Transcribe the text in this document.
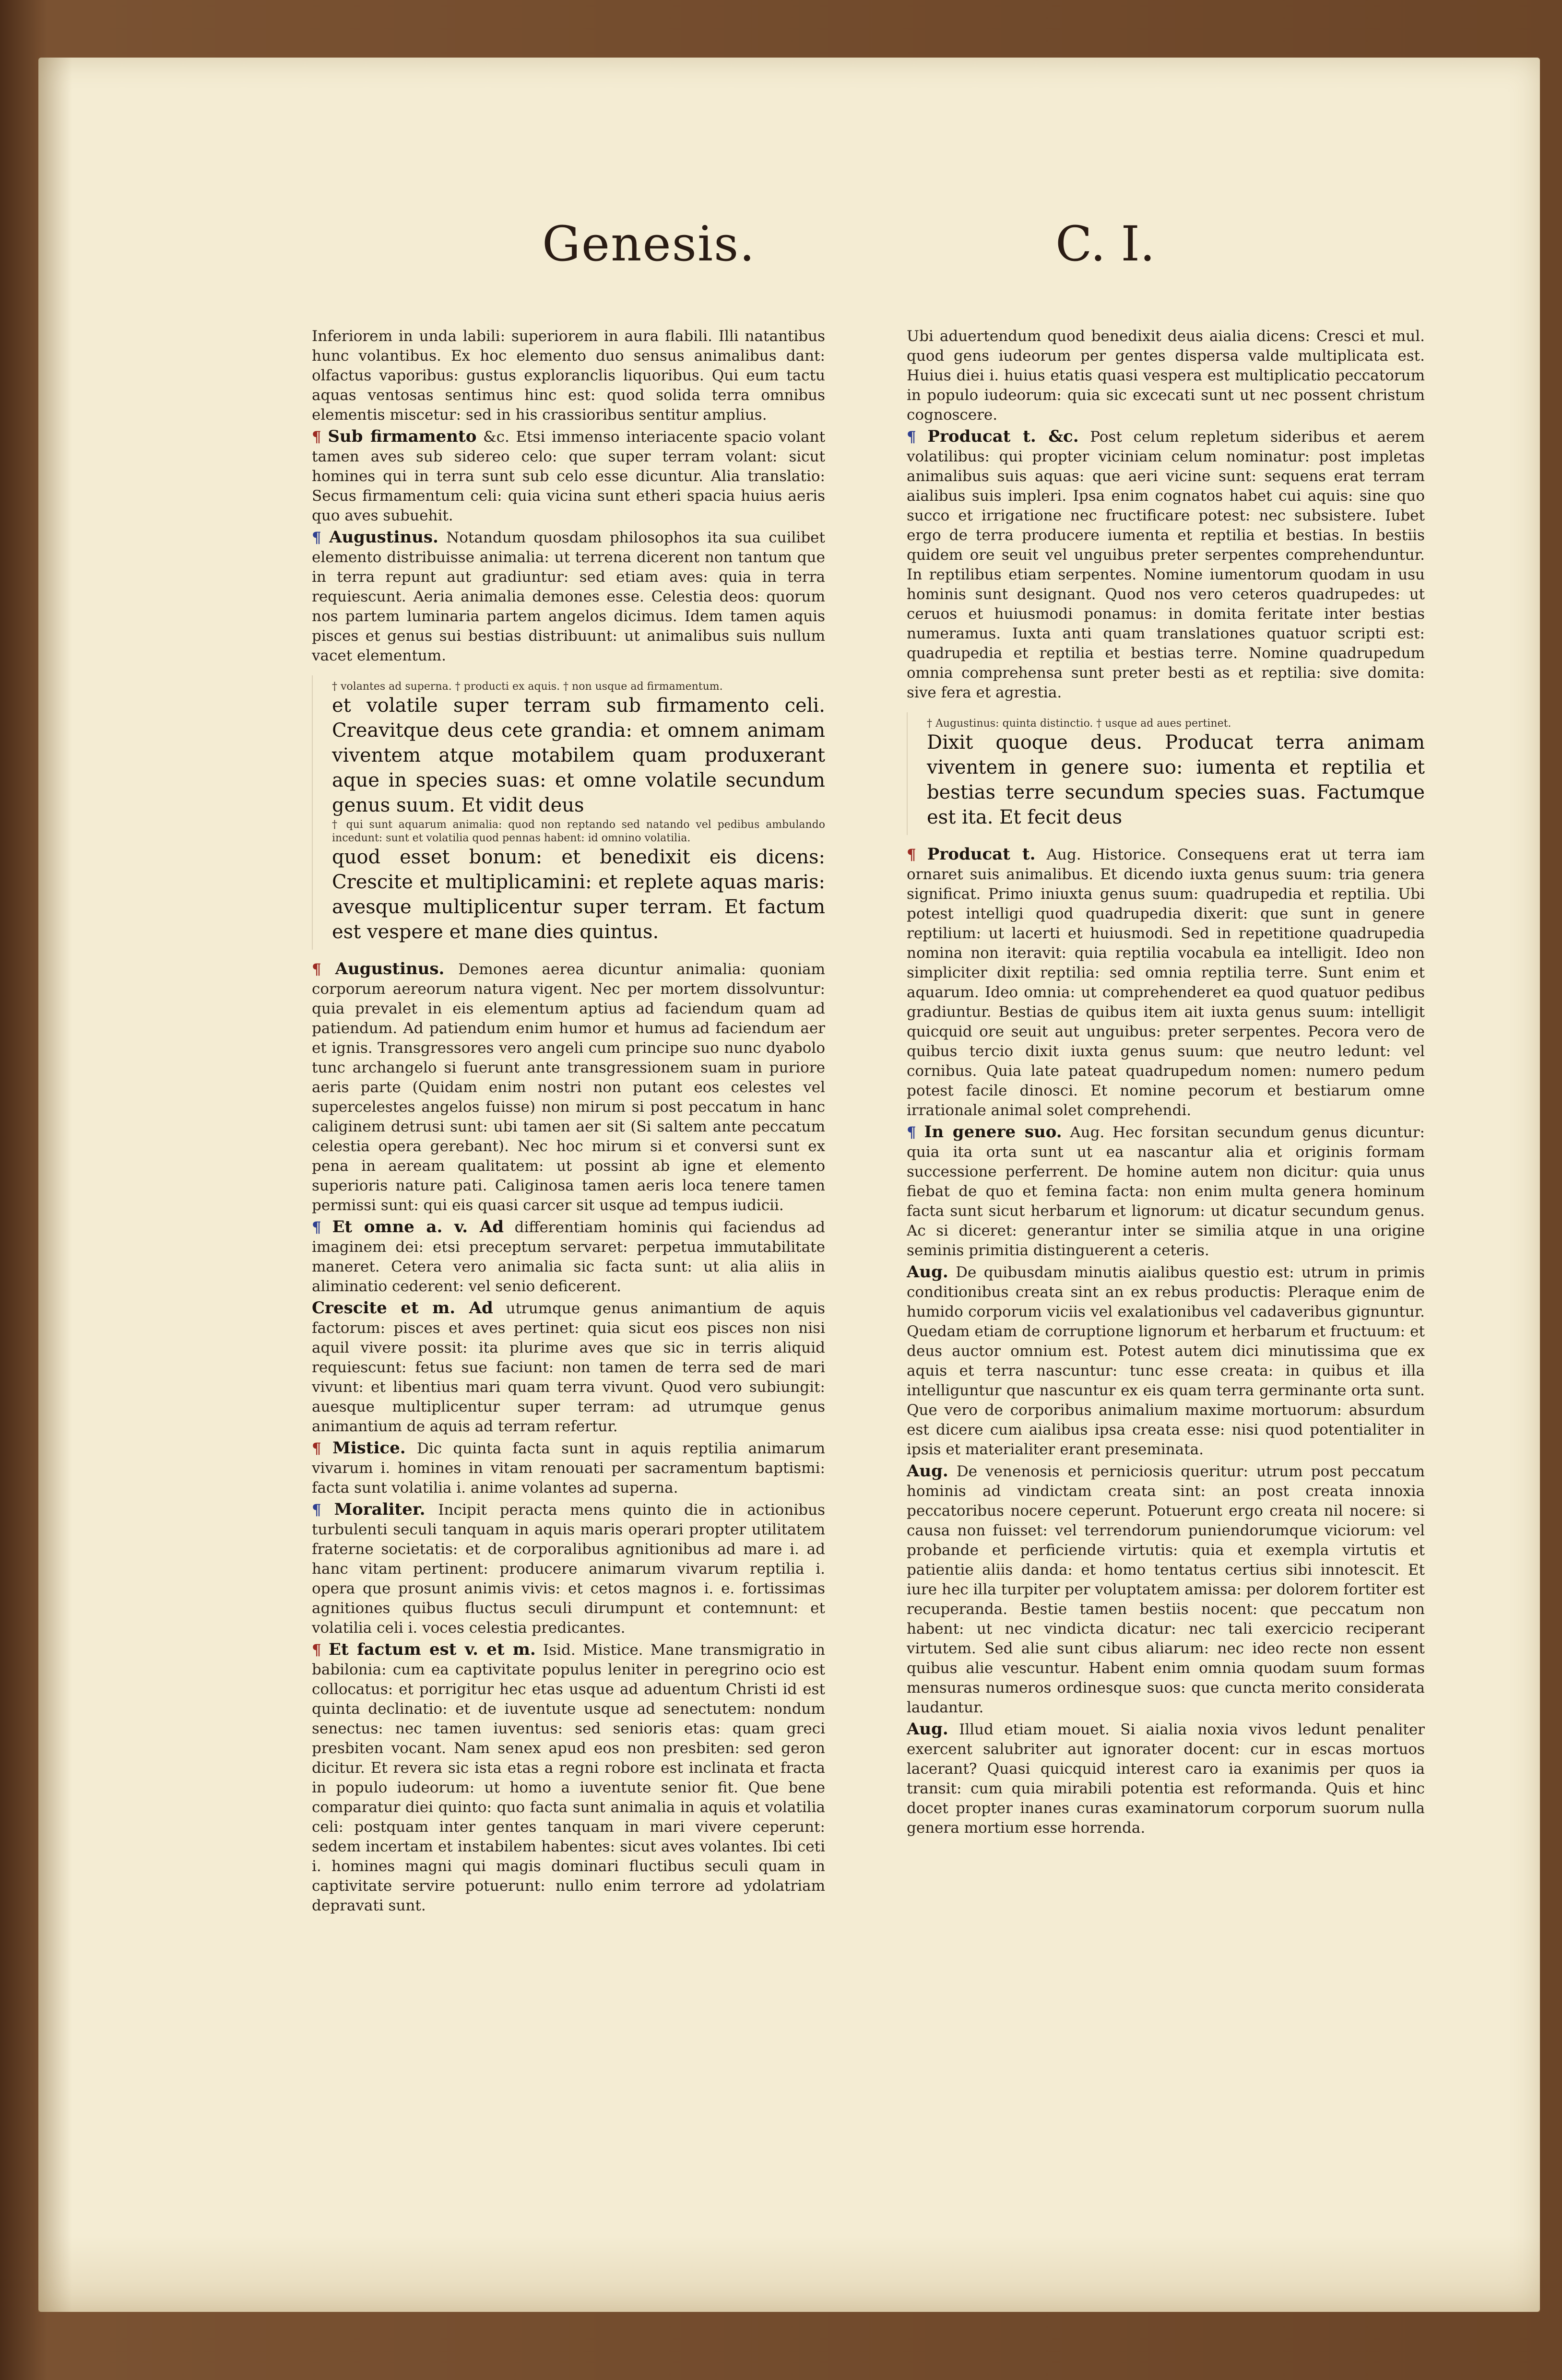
Genesis.	C. I.

Inferiorem in unda labili: superiorem in aura flabili. Illi natantibus hunc volantibus. Ex hoc elemento duo sensus animalibus dant: olfactus vaporibus: gustus exploranclis liquoribus. Qui eum tactu aquas ventosas sentimus hinc est: quod solida terra omnibus elementis miscetur: sed in his crassioribus sentitur amplius.

¶ Sub firmamento &c. Etsi immenso interiacente spacio volant tamen aves sub sidereo celo: que super terram volant: sicut homines qui in terra sunt sub celo esse dicuntur. Alia translatio: Secus firmamentum celi: quia vicina sunt etheri spacia huius aeris quo aves subuehit.

¶ Augustinus. Notandum quosdam philosophos ita sua cuilibet elemento distribuisse animalia: ut terrena dicerent non tantum que in terra repunt aut gradiuntur: sed etiam aves: quia in terra requiescunt. Aeria animalia demones esse. Celestia deos: quorum nos partem luminaria partem angelos dicimus. Idem tamen aquis pisces et genus sui bestias distribuunt: ut animalibus suis nullum vacet elementum.

† volantes ad superna. † producti ex aquis. † non usque ad firmamentum.
et volatile super terram sub firmamento celi. Creavitque deus cete grandia: et omnem animam viventem atque motabilem quam produxerant aque in species suas: et omne volatile secundum genus suum. Et vidit deus
† qui sunt aquarum animalia: quod non reptando sed natando vel pedibus ambulando incedunt: sunt et volatilia quod pennas habent: id omnino volatilia.
quod esset bonum: et benedixit eis dicens: Crescite et multiplicamini: et replete aquas maris: avesque multiplicentur super terram. Et factum est vespere et mane dies quintus.

¶ Augustinus. Demones aerea dicuntur animalia: quoniam corporum aereorum natura vigent. Nec per mortem dissolvuntur: quia prevalet in eis elementum aptius ad faciendum quam ad patiendum. Ad patiendum enim humor et humus ad faciendum aer et ignis. Transgressores vero angeli cum principe suo nunc dyabolo tunc archangelo si fuerunt ante transgressionem suam in puriore aeris parte (Quidam enim nostri non putant eos celestes vel supercelestes angelos fuisse) non mirum si post peccatum in hanc caliginem detrusi sunt: ubi tamen aer sit (Si saltem ante peccatum celestia opera gerebant). Nec hoc mirum si et conversi sunt ex pena in aeream qualitatem: ut possint ab igne et elemento superioris nature pati. Caliginosa tamen aeris loca tenere tamen permissi sunt: qui eis quasi carcer sit usque ad tempus iudicii.

¶ Et omne a. v. Ad differentiam hominis qui faciendus ad imaginem dei: etsi preceptum servaret: perpetua immutabilitate maneret. Cetera vero animalia sic facta sunt: ut alia aliis in aliminatio cederent: vel senio deficerent.

Crescite et m. Ad utrumque genus animantium de aquis factorum: pisces et aves pertinet: quia sicut eos pisces non nisi aquil vivere possit: ita plurime aves que sic in terris aliquid requiescunt: fetus sue faciunt: non tamen de terra sed de mari vivunt: et libentius mari quam terra vivunt. Quod vero subiungit: auesque multiplicentur super terram: ad utrumque genus animantium de aquis ad terram refertur.

¶ Mistice. Dic quinta facta sunt in aquis reptilia animarum vivarum i. homines in vitam renouati per sacramentum baptismi: facta sunt volatilia i. anime volantes ad superna.

¶ Moraliter. Incipit peracta mens quinto die in actionibus turbulenti seculi tanquam in aquis maris operari propter utilitatem fraterne societatis: et de corporalibus agnitionibus ad mare i. ad hanc vitam pertinent: producere animarum vivarum reptilia i. opera que prosunt animis vivis: et cetos magnos i. e. fortissimas agnitiones quibus fluctus seculi dirumpunt et contemnunt: et volatilia celi i. voces celestia predicantes.

¶ Et factum est v. et m. Isid. Mistice. Mane transmigratio in babilonia: cum ea captivitate populus leniter in peregrino ocio est collocatus: et porrigitur hec etas usque ad aduentum Christi id est quinta declinatio: et de iuventute usque ad senectutem: nondum senectus: nec tamen iuventus: sed senioris etas: quam greci presbiten vocant. Nam senex apud eos non presbiten: sed geron dicitur. Et revera sic ista etas a regni robore est inclinata et fracta in populo iudeorum: ut homo a iuventute senior fit. Que bene comparatur diei quinto: quo facta sunt animalia in aquis et volatilia celi: postquam inter gentes tanquam in mari vivere ceperunt: sedem incertam et instabilem habentes: sicut aves volantes. Ibi ceti i. homines magni qui magis dominari fluctibus seculi quam in captivitate servire potuerunt: nullo enim terrore ad ydolatriam depravati sunt.

Ubi aduertendum quod benedixit deus aialia dicens: Cresci et mul. quod gens iudeorum per gentes dispersa valde multiplicata est. Huius diei i. huius etatis quasi vespera est multiplicatio peccatorum in populo iudeorum: quia sic excecati sunt ut nec possent christum cognoscere.

¶ Producat t. &c. Post celum repletum sideribus et aerem volatilibus: qui propter viciniam celum nominatur: post impletas animalibus suis aquas: que aeri vicine sunt: sequens erat terram aialibus suis impleri. Ipsa enim cognatos habet cui aquis: sine quo succo et irrigatione nec fructificare potest: nec subsistere. Iubet ergo de terra producere iumenta et reptilia et bestias. In bestiis quidem ore seuit vel unguibus preter serpentes comprehenduntur. In reptilibus etiam serpentes. Nomine iumentorum quodam in usu hominis sunt designant. Quod nos vero ceteros quadrupedes: ut ceruos et huiusmodi ponamus: in domita feritate inter bestias numeramus. Iuxta anti quam translationes quatuor scripti est: quadrupedia et reptilia et bestias terre. Nomine quadrupedum omnia comprehensa sunt preter besti as et reptilia: sive domita: sive fera et agrestia.

† Augustinus: quinta distinctio. † usque ad aues pertinet.
Dixit quoque deus. Producat terra animam viventem in genere suo: iumenta et reptilia et bestias terre secundum species suas. Factumque est ita. Et fecit deus

¶ Producat t. Aug. Historice. Consequens erat ut terra iam ornaret suis animalibus. Et dicendo iuxta genus suum: tria genera significat. Primo iniuxta genus suum: quadrupedia et reptilia. Ubi potest intelligi quod quadrupedia dixerit: que sunt in genere reptilium: ut lacerti et huiusmodi. Sed in repetitione quadrupedia nomina non iteravit: quia reptilia vocabula ea intelligit. Ideo non simpliciter dixit reptilia: sed omnia reptilia terre. Sunt enim et aquarum. Ideo omnia: ut comprehenderet ea quod quatuor pedibus gradiuntur. Bestias de quibus item ait iuxta genus suum: intelligit quicquid ore seuit aut unguibus: preter serpentes. Pecora vero de quibus tercio dixit iuxta genus suum: que neutro ledunt: vel cornibus. Quia late pateat quadrupedum nomen: numero pedum potest facile dinosci. Et nomine pecorum et bestiarum omne irrationale animal solet comprehendi.

¶ In genere suo. Aug. Hec forsitan secundum genus dicuntur: quia ita orta sunt ut ea nascantur alia et originis formam successione perferrent. De homine autem non dicitur: quia unus fiebat de quo et femina facta: non enim multa genera hominum facta sunt sicut herbarum et lignorum: ut dicatur secundum genus. Ac si diceret: generantur inter se similia atque in una origine seminis primitia distinguerent a ceteris.

Aug. De quibusdam minutis aialibus questio est: utrum in primis conditionibus creata sint an ex rebus productis: Pleraque enim de humido corporum viciis vel exalationibus vel cadaveribus gignuntur. Quedam etiam de corruptione lignorum et herbarum et fructuum: et deus auctor omnium est. Potest autem dici minutissima que ex aquis et terra nascuntur: tunc esse creata: in quibus et illa intelliguntur que nascuntur ex eis quam terra germinante orta sunt. Que vero de corporibus animalium maxime mortuorum: absurdum est dicere cum aialibus ipsa creata esse: nisi quod potentialiter in ipsis et materialiter erant preseminata.

Aug. De venenosis et perniciosis queritur: utrum post peccatum hominis ad vindictam creata sint: an post creata innoxia peccatoribus nocere ceperunt. Potuerunt ergo creata nil nocere: si causa non fuisset: vel terrendorum puniendorumque viciorum: vel probande et perficiende virtutis: quia et exempla virtutis et patientie aliis danda: et homo tentatus certius sibi innotescit. Et iure hec illa turpiter per voluptatem amissa: per dolorem fortiter est recuperanda. Bestie tamen bestiis nocent: que peccatum non habent: ut nec vindicta dicatur: nec tali exercicio reciperant virtutem. Sed alie sunt cibus aliarum: nec ideo recte non essent quibus alie vescuntur. Habent enim omnia quodam suum formas mensuras numeros ordinesque suos: que cuncta merito considerata laudantur.

Aug. Illud etiam mouet. Si aialia noxia vivos ledunt penaliter exercent salubriter aut ignorater docent: cur in escas mortuos lacerant? Quasi quicquid interest caro ia exanimis per quos ia transit: cum quia mirabili potentia est reformanda. Quis et hinc docet propter inanes curas examinatorum corporum suorum nulla genera mortium esse horrenda.
